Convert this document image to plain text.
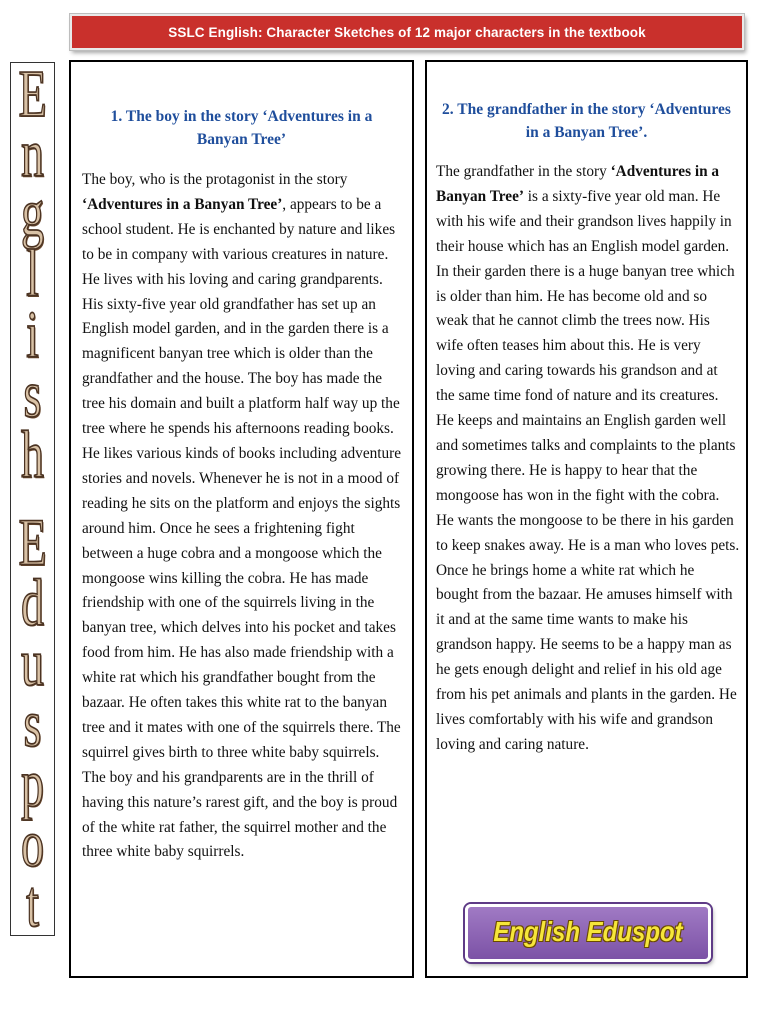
SSLC English: Character Sketches of 12 major characters in the textbook
E
n
g
l
i
s
h
E
d
u
s
p
o
t
1. The boy in the story ‘Adventures in a Banyan Tree’

The boy, who is the protagonist in the story ‘Adventures in a Banyan Tree’, appears to be a school student. He is enchanted by nature and likes to be in company with various creatures in nature. He lives with his loving and caring grandparents. His sixty-five year old grandfather has set up an English model garden, and in the garden there is a magnificent banyan tree which is older than the grandfather and the house. The boy has made the tree his domain and built a platform half way up the tree where he spends his afternoons reading books. He likes various kinds of books including adventure stories and novels. Whenever he is not in a mood of reading he sits on the platform and enjoys the sights around him. Once he sees a frightening fight between a huge cobra and a mongoose which the mongoose wins killing the cobra. He has made friendship with one of the squirrels living in the banyan tree, which delves into his pocket and takes food from him. He has also made friendship with a white rat which his grandfather bought from the bazaar. He often takes this white rat to the banyan tree and it mates with one of the squirrels there. The squirrel gives birth to three white baby squirrels. The boy and his grandparents are in the thrill of having this nature’s rarest gift, and the boy is proud of the white rat father, the squirrel mother and the three white baby squirrels.

2. The grandfather in the story ‘Adventures in a Banyan Tree’.

The grandfather in the story ‘Adventures in a Banyan Tree’ is a sixty-five year old man. He with his wife and their grandson lives happily in their house which has an English model garden. In their garden there is a huge banyan tree which is older than him. He has become old and so weak that he cannot climb the trees now. His wife often teases him about this. He is very loving and caring towards his grandson and at the same time fond of nature and its creatures. He keeps and maintains an English garden well and sometimes talks and complaints to the plants growing there. He is happy to hear that the mongoose has won in the fight with the cobra. He wants the mongoose to be there in his garden to keep snakes away. He is a man who loves pets. Once he brings home a white rat which he bought from the bazaar. He amuses himself with it and at the same time wants to make his grandson happy. He seems to be a happy man as he gets enough delight and relief in his old age from his pet animals and plants in the garden. He lives comfortably with his wife and grandson loving and caring nature.

English Eduspot
